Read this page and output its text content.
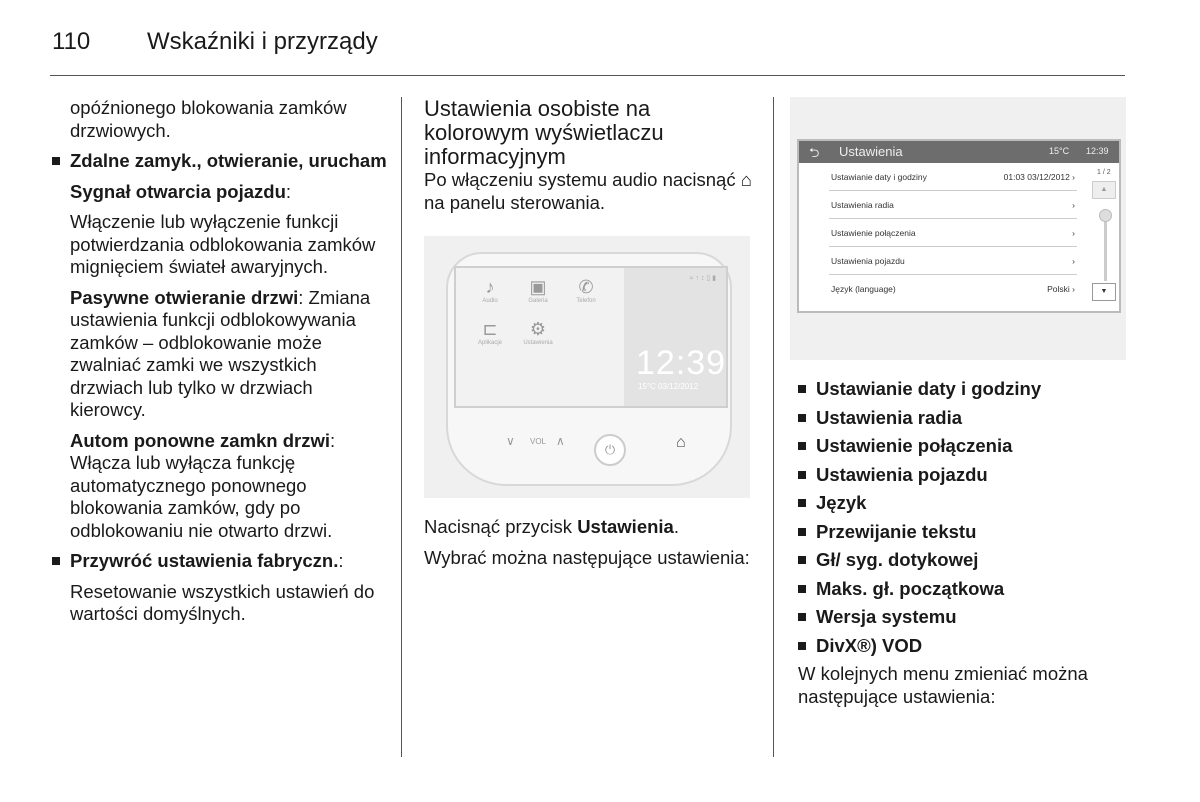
110 Wskaźniki i przyrządy

opóźnionego blokowania zamków drzwiowych.

Zdalne zamyk., otwieranie, urucham

Sygnał otwarcia pojazdu:

Włączenie lub wyłączenie funkcji potwierdzania odblokowania zamków mignięciem świateł awaryjnych.

Pasywne otwieranie drzwi: Zmiana ustawienia funkcji odblokowywania zamków – odblokowanie może zwalniać zamki we wszystkich drzwiach lub tylko w drzwiach kierowcy.

Autom ponowne zamkn drzwi: Włącza lub wyłącza funkcję automatycznego ponownego blokowania zamków, gdy po odblokowaniu nie otwarto drzwi.

Przywróć ustawienia fabryczn.:

Resetowanie wszystkich ustawień do wartości domyślnych.

Ustawienia osobiste na kolorowym wyświetlaczu informacyjnym

Po włączeniu systemu audio nacisnąć ⌂ na panelu sterowania.

♪
Audio
▣
Galeria
✆
Telefon
⊏
Aplikacje
⚙
Ustawienia
≈ ↑ ↕ ▯ ▮
12:39
15°C 03/12/2012
∨ VOL ∧
⏻	⌂

Nacisnąć przycisk Ustawienia.

Wybrać można następujące ustawienia:

⮌ Ustawienia	15°C 12:39
Ustawianie daty i godziny	01:03 03/12/2012 ›
Ustawienia radia	›
Ustawienie połączenia	›
Ustawienia pojazdu	›
Język (language)	Polski ›
1 / 2
▲
▼
Ustawianie daty i godziny
Ustawienia radia
Ustawienie połączenia
Ustawienia pojazdu
Język
Przewijanie tekstu
Gł/ syg. dotykowej
Maks. gł. początkowa
Wersja systemu
DivX®) VOD

W kolejnych menu zmieniać można następujące ustawienia:
